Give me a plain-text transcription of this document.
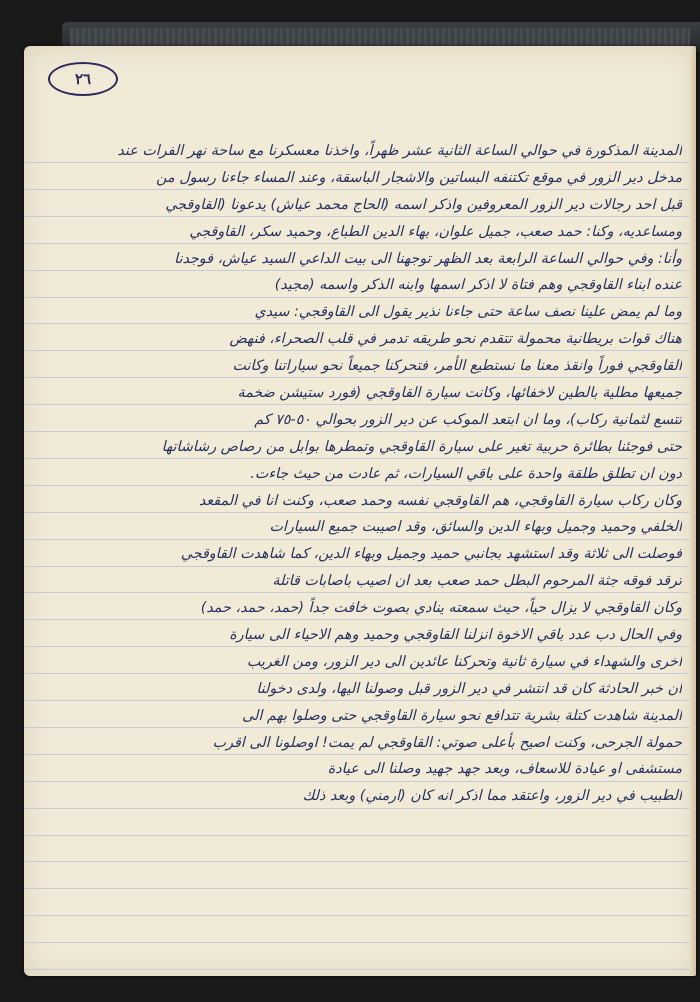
٢٦
المدينة المذكورة في حوالي الساعة الثانية عشر ظهراً، واخذنا معسكرنا مع ساحة نهر الفرات عند
مدخل دير الزور في موقع تكتنفه البساتين والاشجار الباسقة، وعند المساء جاءنا رسول من
قبل احد رجالات دير الزور المعروفين واذكر اسمه (الحاج محمد عياش) يدعونا (القاوقجي
ومساعديه، وكنا: حمد صعب، جميل علوان، بهاء الدين الطباع، وحميد سكر، القاوقجي
وأنا: وفي حوالي الساعة الرابعة بعد الظهر توجهنا الى بيت الداعي السيد عياش، فوجدنا
عنده ابناء القاوقجي وهم فتاة لا اذكر اسمها وابنه الذكر واسمه (مجيد)
وما لم يمض علينا نصف ساعة حتى جاءنا نذير يقول الى القاوقجي: سيدي
هناك قوات بريطانية محمولة تتقدم نحو طريقه تدمر في قلب الصحراء، فنهض
القاوقجي فوراً وانقذ معنا ما نستطيع الأمر، فتحركنا جميعاً نحو سياراتنا وكانت
جميعها مطلية بالطين لاخفائها، وكانت سيارة القاوقجي (فورد ستيشن ضخمة
تتسع لثمانية ركاب)، وما ان ابتعد الموكب عن دير الزور بحوالي ٥٠-٧٥ كم
حتى فوجئنا بطائرة حربية تغير على سيارة القاوقجي وتمطرها بوابل من رصاص رشاشاتها
دون ان تطلق طلقة واحدة على باقي السيارات، ثم عادت من حيث جاءت.
وكان ركاب سيارة القاوقجي، هم القاوقجي نفسه وحمد صعب، وكنت انا في المقعد
الخلفي وحميد وجميل وبهاء الدين والسائق، وقد اصيبت جميع السيارات
فوصلت الى ثلاثة وقد استشهد بجانبي حميد وجميل وبهاء الدين، كما شاهدت القاوقجي
ترقد فوقه جثة المرحوم البطل حمد صعب بعد ان اصيب باصابات قاتلة
وكان القاوقجي لا يزال حياً، حيث سمعته ينادي بصوت خافت جداً (حمد، حمد، حمد)
وفي الحال دب عدد باقي الاخوة انزلنا القاوقجي وحميد وهم الاحياء الى سيارة
اخرى والشهداء في سيارة ثانية وتحركنا عائدين الى دير الزور، ومن الغريب
ان خبر الحادثة كان قد انتشر في دير الزور قبل وصولنا اليها، ولدى دخولنا
المدينة شاهدت كتلة بشرية تتدافع نحو سيارة القاوقجي حتى وصلوا بهم الى
حمولة الجرحى، وكنت اصيح بأعلى صوتي: القاوقجي لم يمت! اوصلونا الى اقرب
مستشفى او عيادة للاسعاف، وبعد جهد جهيد وصلنا الى عيادة
الطبيب في دير الزور، واعتقد مما اذكر انه كان (ارمني) وبعد ذلك
